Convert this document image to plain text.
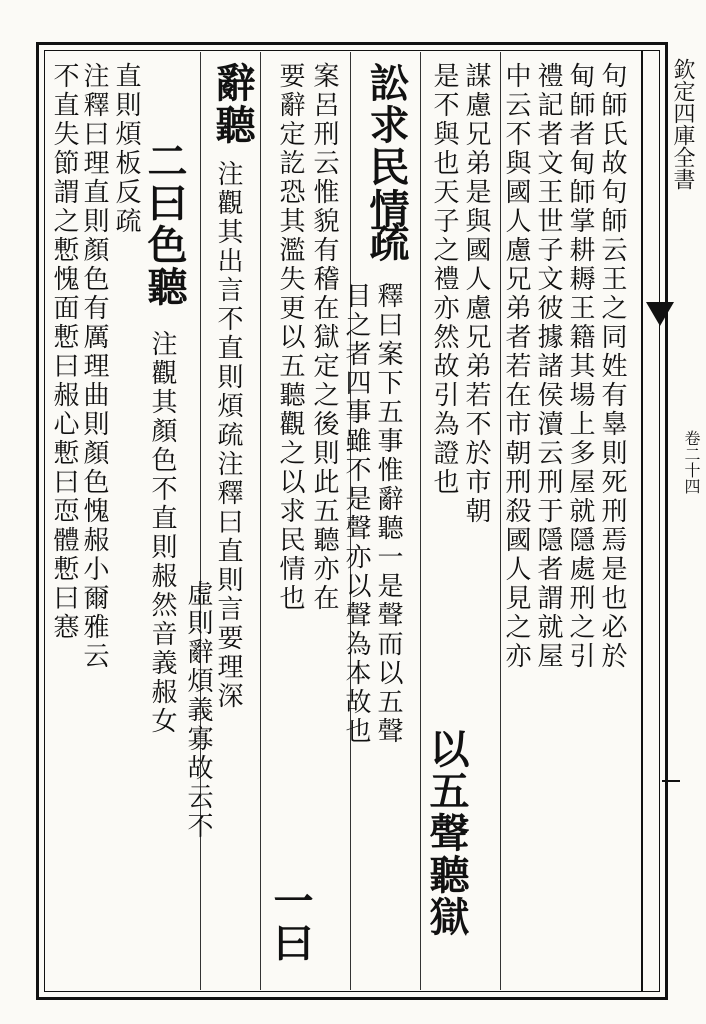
欽定四庫全書
卷二十四
句師氏故句師云王之同姓有辠則死刑焉是也必於
甸師者甸師掌耕耨王籍其場上多屋就隱處刑之引
禮記者文王世子文彼據諸侯瀆云刑于隱者謂就屋
中云不與國人慮兄弟者若在市朝刑殺國人見之亦
謀慮兄弟是與國人慮兄弟若不於市朝
是不與也天子之禮亦然故引為證也
以五聲聽獄
訟求民情
疏
釋曰案下五事惟辭聽一是聲而以五聲
目之者四事雖不是聲亦以聲為本故也
案呂刑云惟貌有稽在獄定之後則此五聽亦在
要辭定訖恐其濫失更以五聽觀之以求民情也
一曰
辭聽
注觀其出言不直則煩疏注釋曰直則言要理深
虛則辭煩義寡故云不
二曰色聽
注觀其顏色不直則赧然音義赧女
直則煩板反疏
注釋曰理直則顏色有厲理曲則顏色愧赧小爾雅云
不直失節謂之慙愧面慙曰赧心慙曰恧體慙曰㥶
